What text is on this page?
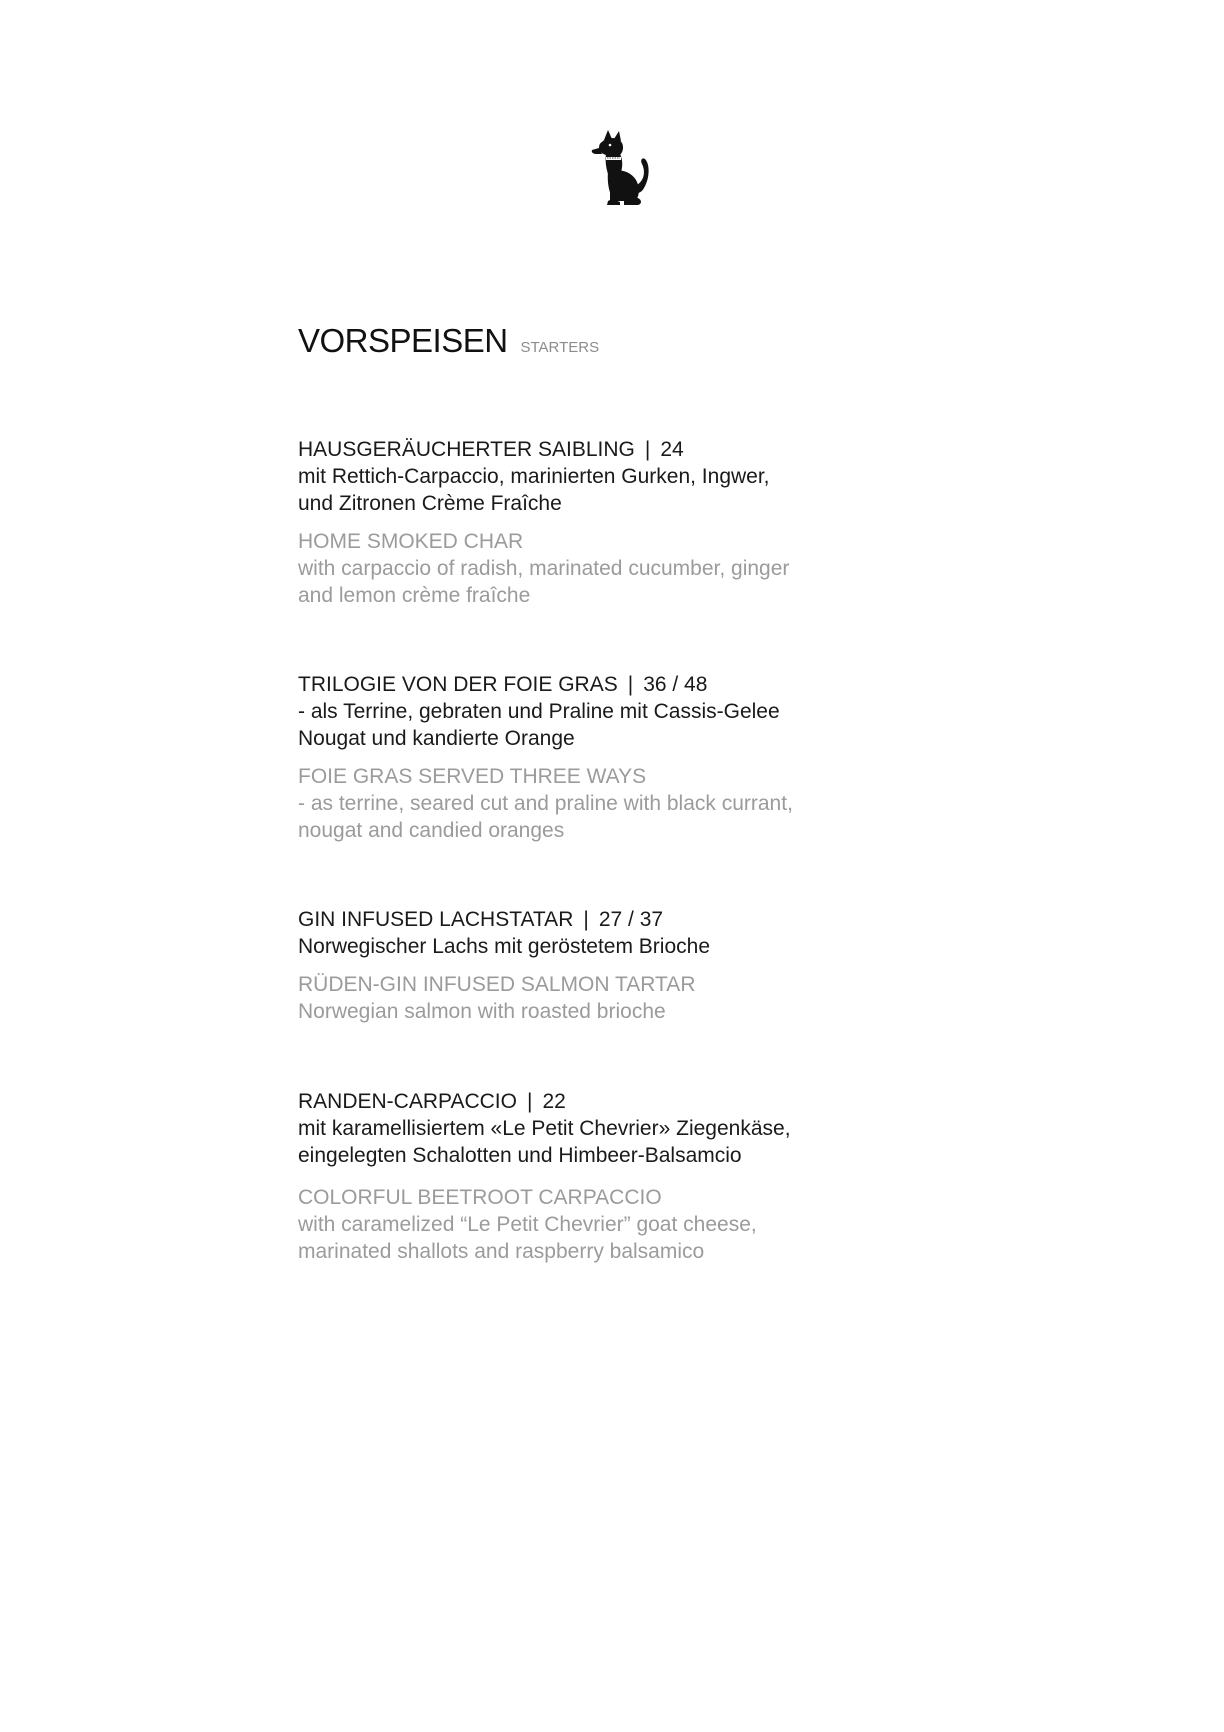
VORSPEISEN STARTERS
HAUSGERÄUCHERTER SAIBLING | 24
mit Rettich-Carpaccio, marinierten Gurken, Ingwer,
und Zitronen Crème Fraîche
HOME SMOKED CHAR
with carpaccio of radish, marinated cucumber, ginger
and lemon crème fraîche
TRILOGIE VON DER FOIE GRAS | 36 / 48
- als Terrine, gebraten und Praline mit Cassis-Gelee
Nougat und kandierte Orange
FOIE GRAS SERVED THREE WAYS
- as terrine, seared cut and praline with black currant,
nougat and candied oranges
GIN INFUSED LACHSTATAR | 27 / 37
Norwegischer Lachs mit geröstetem Brioche
RÜDEN-GIN INFUSED SALMON TARTAR
Norwegian salmon with roasted brioche
RANDEN-CARPACCIO | 22
mit karamellisiertem «Le Petit Chevrier» Ziegenkäse,
eingelegten Schalotten und Himbeer-Balsamcio
COLORFUL BEETROOT CARPACCIO
with caramelized “Le Petit Chevrier” goat cheese,
marinated shallots and raspberry balsamico
